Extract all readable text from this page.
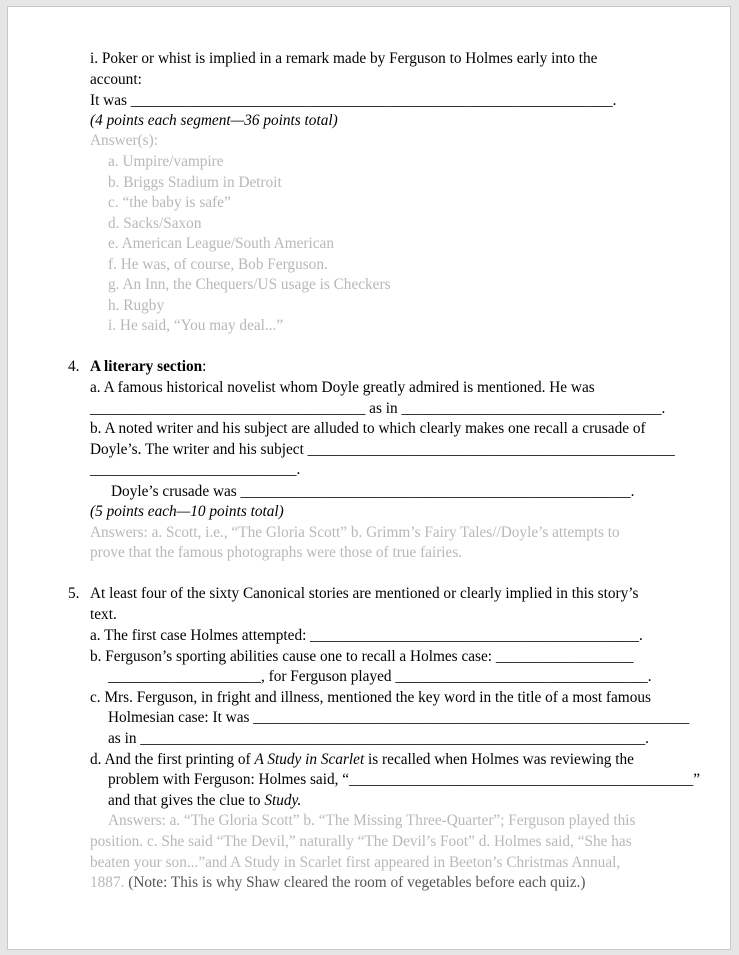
i. Poker or whist is implied in a remark made by Ferguson to Holmes early into the
account:
It was _______________________________________________________________.
(4 points each segment—36 points total)
Answer(s):
a. Umpire/vampire
b. Briggs Stadium in Detroit
c. “the baby is safe”
d. Sacks/Saxon
e. American League/South American
f. He was, of course, Bob Ferguson.
g. An Inn, the Chequers/US usage is Checkers
h. Rugby
i. He said, “You may deal...”
4. A literary section:
a. A famous historical novelist whom Doyle greatly admired is mentioned. He was
____________________________________ as in __________________________________.
b. A noted writer and his subject are alluded to which clearly makes one recall a crusade of
Doyle’s. The writer and his subject ________________________________________________
___________________________.
Doyle’s crusade was ___________________________________________________.
(5 points each—10 points total)
Answers: a. Scott, i.e., “The Gloria Scott” b. Grimm’s Fairy Tales//Doyle’s attempts to
prove that the famous photographs were those of true fairies.
5. At least four of the sixty Canonical stories are mentioned or clearly implied in this story’s
text.
a. The first case Holmes attempted: ___________________________________________.
b. Ferguson’s sporting abilities cause one to recall a Holmes case: __________________
____________________, for Ferguson played _________________________________.
c. Mrs. Ferguson, in fright and illness, mentioned the key word in the title of a most famous
Holmesian case: It was _________________________________________________________
as in __________________________________________________________________.
d. And the first printing of A Study in Scarlet is recalled when Holmes was reviewing the
problem with Ferguson: Holmes said, “_____________________________________________”
and that gives the clue to Study.
Answers: a. “The Gloria Scott” b. “The Missing Three-Quarter”; Ferguson played this
position. c. She said “The Devil,” naturally “The Devil’s Foot” d. Holmes said, “She has
beaten your son...”and A Study in Scarlet first appeared in Beeton’s Christmas Annual,
1887. (Note: This is why Shaw cleared the room of vegetables before each quiz.)
